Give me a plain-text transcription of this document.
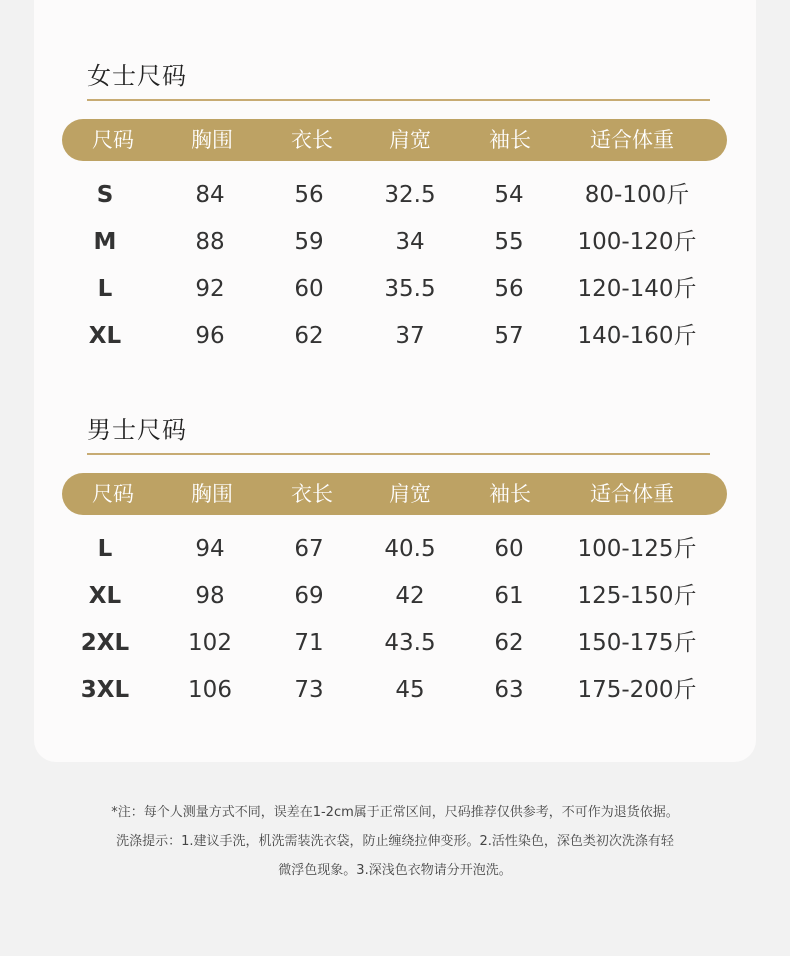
女士尺码
尺码	胸围	衣长	肩宽	袖长	适合体重
S	84	56	32.5	54	80-100斤
M	88	59	34	55 100-120斤
L	92	60	35.5	56 120-140斤
XL	96	62	37	57 140-160斤
男士尺码
尺码	胸围	衣长	肩宽	袖长	适合体重
L	94	67	40.5	60 100-125斤
XL	98	69	42	61 125-150斤
2XL	102	71	43.5	62 150-175斤
3XL	106	73	45	63 175-200斤
*注：每个人测量方式不同，误差在1-2cm属于正常区间，尺码推荐仅供参考，不可作为退货依据。
洗涤提示：1.建议手洗，机洗需装洗衣袋，防止缠绕拉伸变形。2.活性染色，深色类初次洗涤有轻
微浮色现象。3.深浅色衣物请分开泡洗。
